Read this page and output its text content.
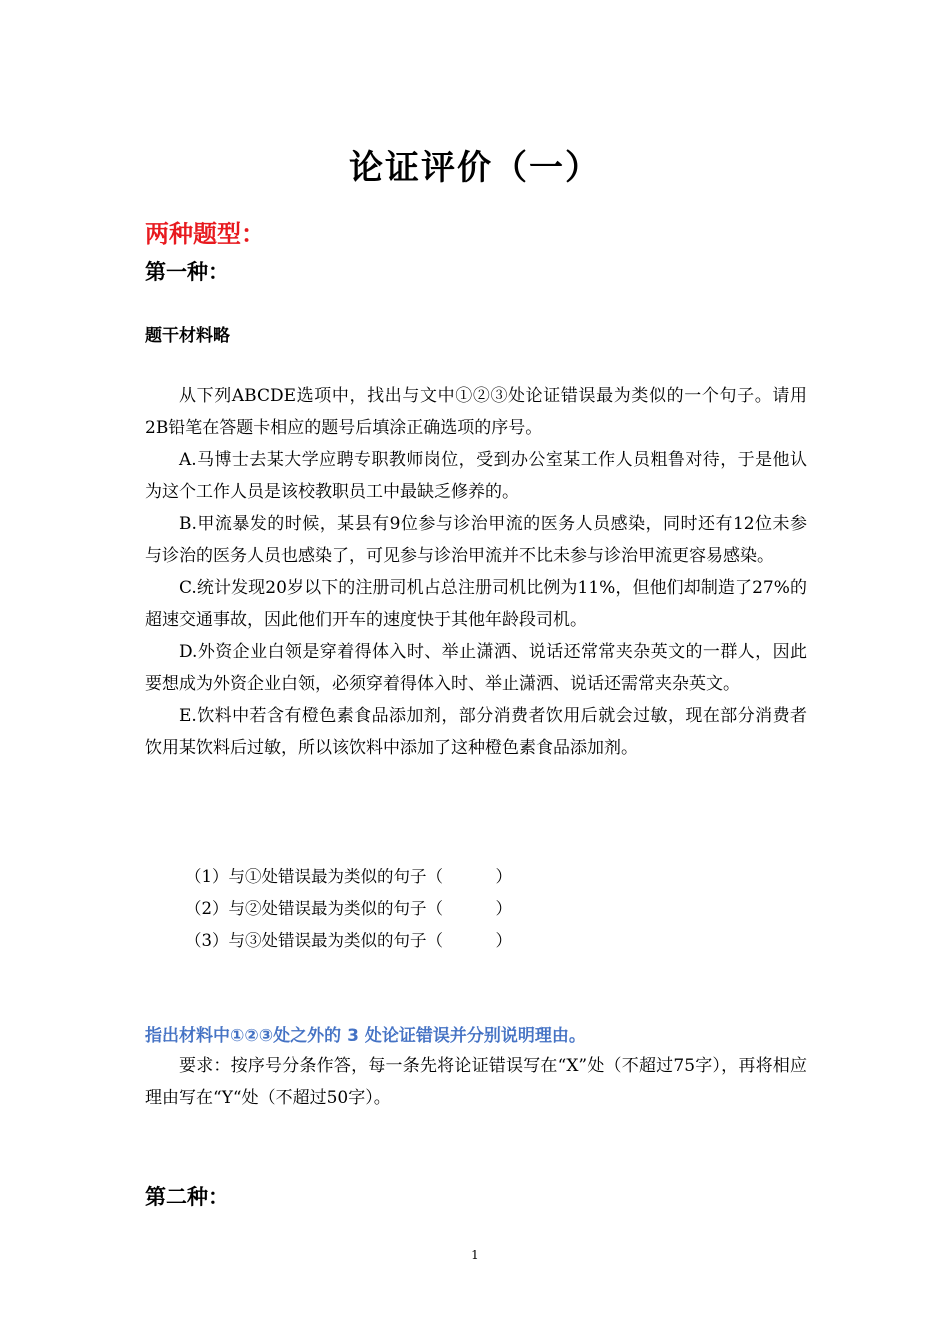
论证评价（一）
两种题型：
第一种：
题干材料略

从下列ABCDE选项中，找出与文中①②③处论证错误最为类似的一个句子。请用2B铅笔在答题卡相应的题号后填涂正确选项的序号。

A.马博士去某大学应聘专职教师岗位，受到办公室某工作人员粗鲁对待，于是他认为这个工作人员是该校教职员工中最缺乏修养的。

B.甲流暴发的时候，某县有9位参与诊治甲流的医务人员感染，同时还有12位未参与诊治的医务人员也感染了，可见参与诊治甲流并不比未参与诊治甲流更容易感染。

C.统计发现20岁以下的注册司机占总注册司机比例为11%，但他们却制造了27%的超速交通事故，因此他们开车的速度快于其他年龄段司机。

D.外资企业白领是穿着得体入时、举止潇洒、说话还常常夹杂英文的一群人，因此要想成为外资企业白领，必须穿着得体入时、举止潇洒、说话还需常夹杂英文。

E.饮料中若含有橙色素食品添加剂，部分消费者饮用后就会过敏，现在部分消费者饮用某饮料后过敏，所以该饮料中添加了这种橙色素食品添加剂。

（1）与①处错误最为类似的句子（          ）
（2）与②处错误最为类似的句子（          ）
（3）与③处错误最为类似的句子（          ）
指出材料中①②③处之外的 3 处论证错误并分别说明理由。

要求：按序号分条作答，每一条先将论证错误写在“X”处（不超过75字），再将相应理由写在“Y“处（不超过50字）。

第二种：
1
